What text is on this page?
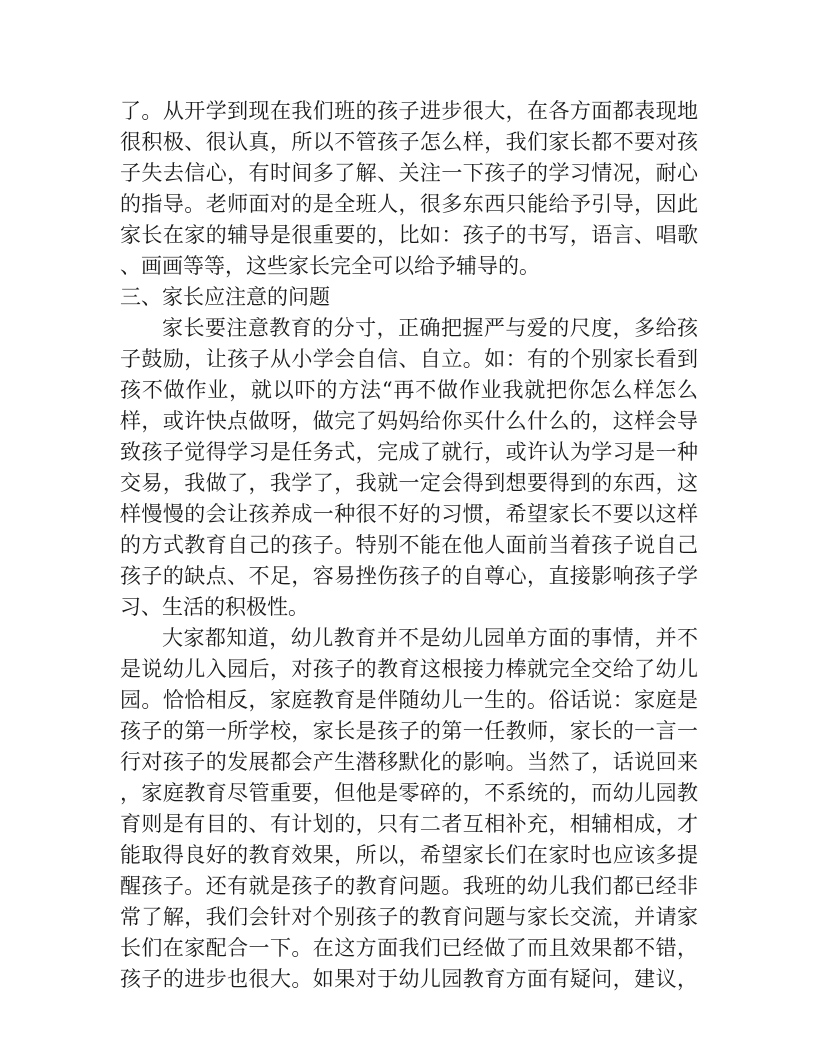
了。从开学到现在我们班的孩子进步很大，在各方面都表现地
很积极、很认真，所以不管孩子怎么样，我们家长都不要对孩
子失去信心，有时间多了解、关注一下孩子的学习情况，耐心
的指导。老师面对的是全班人，很多东西只能给予引导，因此
家长在家的辅导是很重要的，比如：孩子的书写，语言、唱歌
、画画等等，这些家长完全可以给予辅导的。
三、家长应注意的问题
家长要注意教育的分寸，正确把握严与爱的尺度，多给孩
子鼓励，让孩子从小学会自信、自立。如：有的个别家长看到
孩不做作业，就以吓的方法“再不做作业我就把你怎么样怎么
样，或许快点做呀，做完了妈妈给你买什么什么的，这样会导
致孩子觉得学习是任务式，完成了就行，或许认为学习是一种
交易，我做了，我学了，我就一定会得到想要得到的东西，这
样慢慢的会让孩养成一种很不好的习惯，希望家长不要以这样
的方式教育自己的孩子。特别不能在他人面前当着孩子说自己
孩子的缺点、不足，容易挫伤孩子的自尊心，直接影响孩子学
习、生活的积极性。
大家都知道，幼儿教育并不是幼儿园单方面的事情，并不
是说幼儿入园后，对孩子的教育这根接力棒就完全交给了幼儿
园。恰恰相反，家庭教育是伴随幼儿一生的。俗话说：家庭是
孩子的第一所学校，家长是孩子的第一任教师，家长的一言一
行对孩子的发展都会产生潜移默化的影响。当然了，话说回来
，家庭教育尽管重要，但他是零碎的，不系统的，而幼儿园教
育则是有目的、有计划的，只有二者互相补充，相辅相成，才
能取得良好的教育效果，所以，希望家长们在家时也应该多提
醒孩子。还有就是孩子的教育问题。我班的幼儿我们都已经非
常了解，我们会针对个别孩子的教育问题与家长交流，并请家
长们在家配合一下。在这方面我们已经做了而且效果都不错，
孩子的进步也很大。如果对于幼儿园教育方面有疑问，建议，
